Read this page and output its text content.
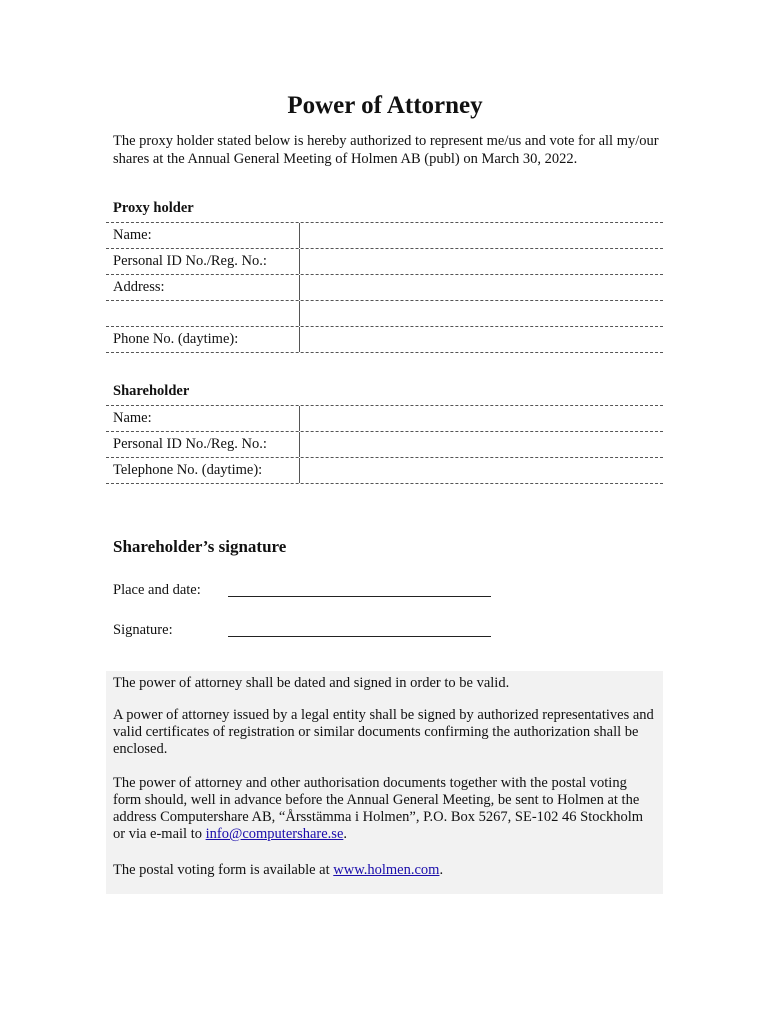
Power of Attorney
The proxy holder stated below is hereby authorized to represent me/us and vote for all my/our shares at the Annual General Meeting of Holmen AB (publ) on March 30, 2022.
Proxy holder
Name:
Personal ID No./Reg. No.:
Address:
Phone No. (daytime):
Shareholder
Name:
Personal ID No./Reg. No.:
Telephone No. (daytime):
Shareholder’s signature
Place and date:
Signature:

The power of attorney shall be dated and signed in order to be valid.

A power of attorney issued by a legal entity shall be signed by authorized representatives and valid certificates of registration or similar documents confirming the authorization shall be enclosed.

The power of attorney and other authorisation documents together with the postal voting form should, well in advance before the Annual General Meeting, be sent to Holmen at the address Computershare AB, “Årsstämma i Holmen”, P.O. Box 5267, SE-102 46 Stockholm or via e-mail to info@computershare.se.

The postal voting form is available at www.holmen.com.
